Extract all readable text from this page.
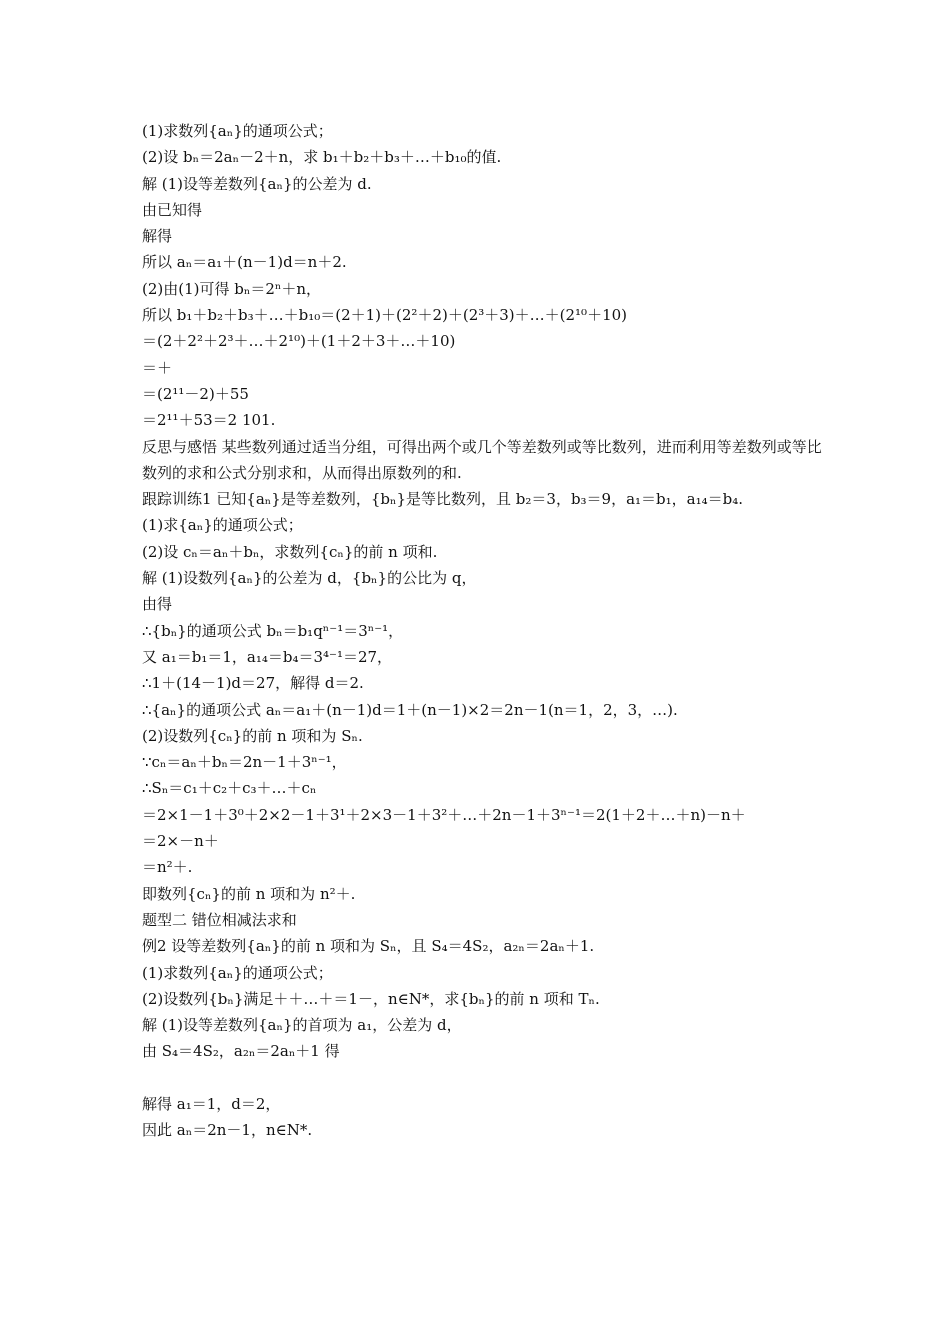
(1)求数列{aₙ}的通项公式；
(2)设 bₙ＝2aₙ－2＋n，求 b₁＋b₂＋b₃＋…＋b₁₀的值.
解 (1)设等差数列{aₙ}的公差为 d.
由已知得
解得
所以 aₙ＝a₁＋(n－1)d＝n＋2.
(2)由(1)可得 bₙ＝2ⁿ＋n，
所以 b₁＋b₂＋b₃＋…＋b₁₀＝(2＋1)＋(2²＋2)＋(2³＋3)＋…＋(2¹⁰＋10)
＝(2＋2²＋2³＋…＋2¹⁰)＋(1＋2＋3＋…＋10)
＝＋
＝(2¹¹－2)＋55
＝2¹¹＋53＝2 101.
反思与感悟 某些数列通过适当分组，可得出两个或几个等差数列或等比数列，进而利用等差数列或等比数列的求和公式分别求和，从而得出原数列的和.
跟踪训练1 已知{aₙ}是等差数列，{bₙ}是等比数列，且 b₂＝3，b₃＝9，a₁＝b₁，a₁₄＝b₄.
(1)求{aₙ}的通项公式；
(2)设 cₙ＝aₙ＋bₙ，求数列{cₙ}的前 n 项和.
解 (1)设数列{aₙ}的公差为 d，{bₙ}的公比为 q，
由得
∴{bₙ}的通项公式 bₙ＝b₁qⁿ⁻¹＝3ⁿ⁻¹，
又 a₁＝b₁＝1，a₁₄＝b₄＝3⁴⁻¹＝27，
∴1＋(14－1)d＝27，解得 d＝2.
∴{aₙ}的通项公式 aₙ＝a₁＋(n－1)d＝1＋(n－1)×2＝2n－1(n＝1，2，3，…).
(2)设数列{cₙ}的前 n 项和为 Sₙ.
∵cₙ＝aₙ＋bₙ＝2n－1＋3ⁿ⁻¹，
∴Sₙ＝c₁＋c₂＋c₃＋…＋cₙ
＝2×1－1＋3⁰＋2×2－1＋3¹＋2×3－1＋3²＋…＋2n－1＋3ⁿ⁻¹＝2(1＋2＋…＋n)－n＋
＝2×－n＋
＝n²＋.
即数列{cₙ}的前 n 项和为 n²＋.
题型二 错位相减法求和
例2 设等差数列{aₙ}的前 n 项和为 Sₙ，且 S₄＝4S₂，a₂ₙ＝2aₙ＋1.
(1)求数列{aₙ}的通项公式；
(2)设数列{bₙ}满足＋＋…＋＝1－，n∈N*，求{bₙ}的前 n 项和 Tₙ.
解 (1)设等差数列{aₙ}的首项为 a₁，公差为 d，
由 S₄＝4S₂，a₂ₙ＝2aₙ＋1 得
解得 a₁＝1，d＝2，
因此 aₙ＝2n－1，n∈N*.
